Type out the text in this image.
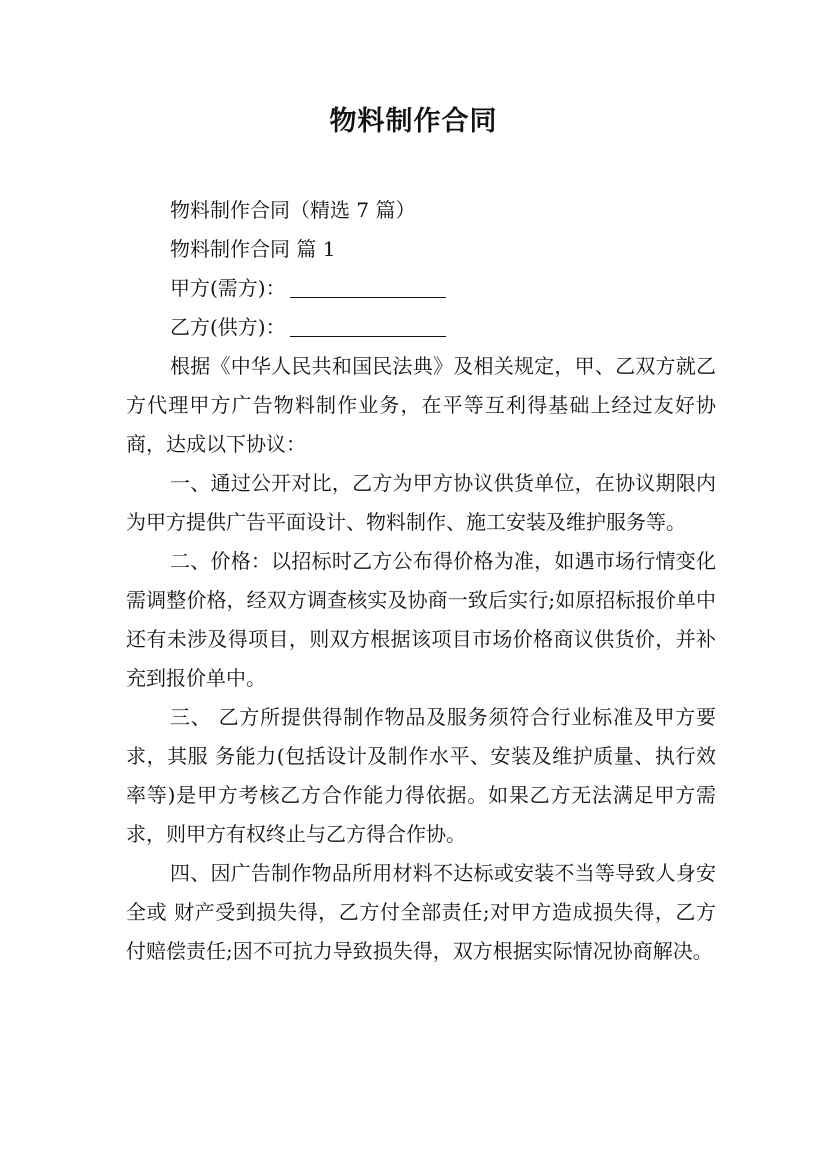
物料制作合同

物料制作合同（精选 7 篇）

物料制作合同 篇 1

甲方(需方)：

乙方(供方)：

根据《中华人民共和国民法典》及相关规定，甲、乙双方就乙方代理甲方广告物料制作业务，在平等互利得基础上经过友好协商，达成以下协议：

一、通过公开对比，乙方为甲方协议供货单位，在协议期限内为甲方提供广告平面设计、物料制作、施工安装及维护服务等。

二、价格：以招标时乙方公布得价格为准，如遇市场行情变化需调整价格，经双方调查核实及协商一致后实行;如原招标报价单中还有未涉及得项目，则双方根据该项目市场价格商议供货价，并补充到报价单中。

三、 乙方所提供得制作物品及服务须符合行业标准及甲方要求，其服 务能力(包括设计及制作水平、安装及维护质量、执行效率等)是甲方考核乙方合作能力得依据。如果乙方无法满足甲方需求，则甲方有权终止与乙方得合作协。

四、因广告制作物品所用材料不达标或安装不当等导致人身安全或 财产受到损失得，乙方付全部责任;对甲方造成损失得，乙方付赔偿责任;因不可抗力导致损失得，双方根据实际情况协商解决。
